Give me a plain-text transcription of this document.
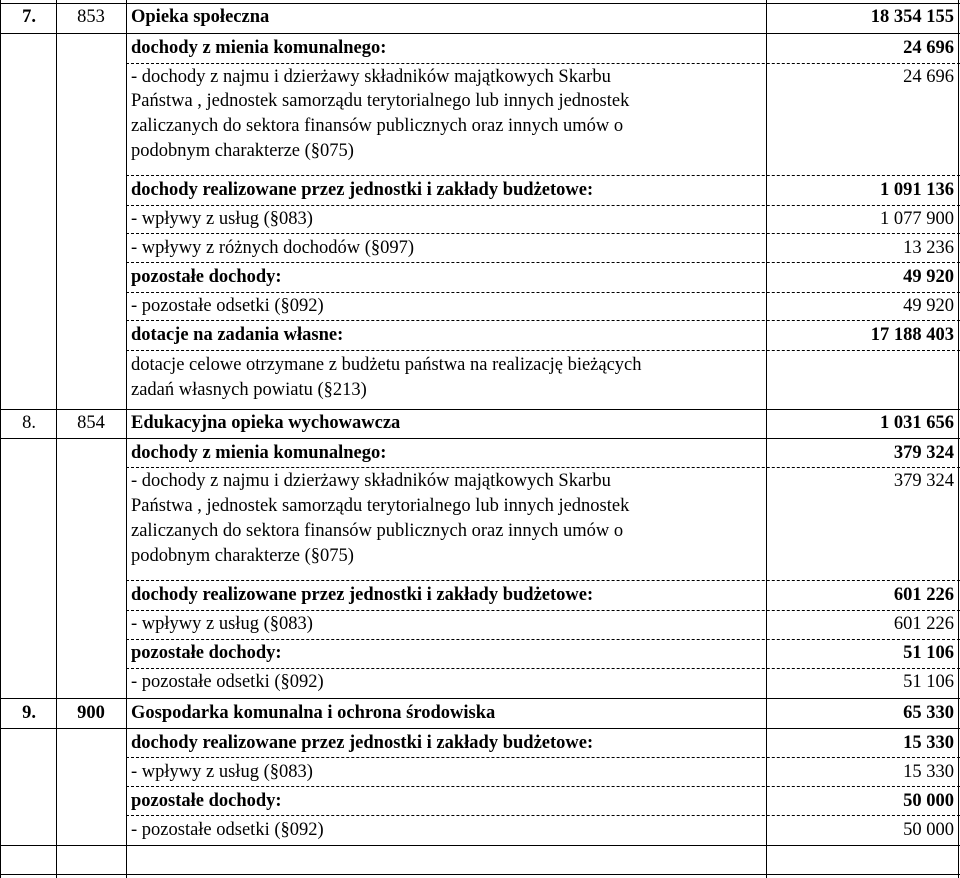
7.	853	Opieka społeczna	18 354 155
dochody z mienia komunalnego:	24 696
- dochody z najmu i dzierżawy składników majątkowych Skarbu
Państwa , jednostek samorządu terytorialnego lub innych jednostek
zaliczanych do sektora finansów publicznych oraz innych umów o
podobnym charakterze (§075)
24 696
dochody realizowane przez jednostki i zakłady budżetowe:	1 091 136
- wpływy z usług (§083)	1 077 900
- wpływy z różnych dochodów (§097)	13 236
pozostałe dochody:	49 920
- pozostałe odsetki (§092)	49 920
dotacje na zadania własne:	17 188 403
dotacje celowe otrzymane z budżetu państwa na realizację bieżących
zadań własnych powiatu (§213)
8.	854	Edukacyjna opieka wychowawcza	1 031 656
dochody z mienia komunalnego:	379 324
- dochody z najmu i dzierżawy składników majątkowych Skarbu
Państwa , jednostek samorządu terytorialnego lub innych jednostek
zaliczanych do sektora finansów publicznych oraz innych umów o
podobnym charakterze (§075)
379 324
dochody realizowane przez jednostki i zakłady budżetowe:	601 226
- wpływy z usług (§083)	601 226
pozostałe dochody:	51 106
- pozostałe odsetki (§092)	51 106
9.	900	Gospodarka komunalna i ochrona środowiska	65 330
dochody realizowane przez jednostki i zakłady budżetowe:	15 330
- wpływy z usług (§083)	15 330
pozostałe dochody:	50 000
- pozostałe odsetki (§092)	50 000
